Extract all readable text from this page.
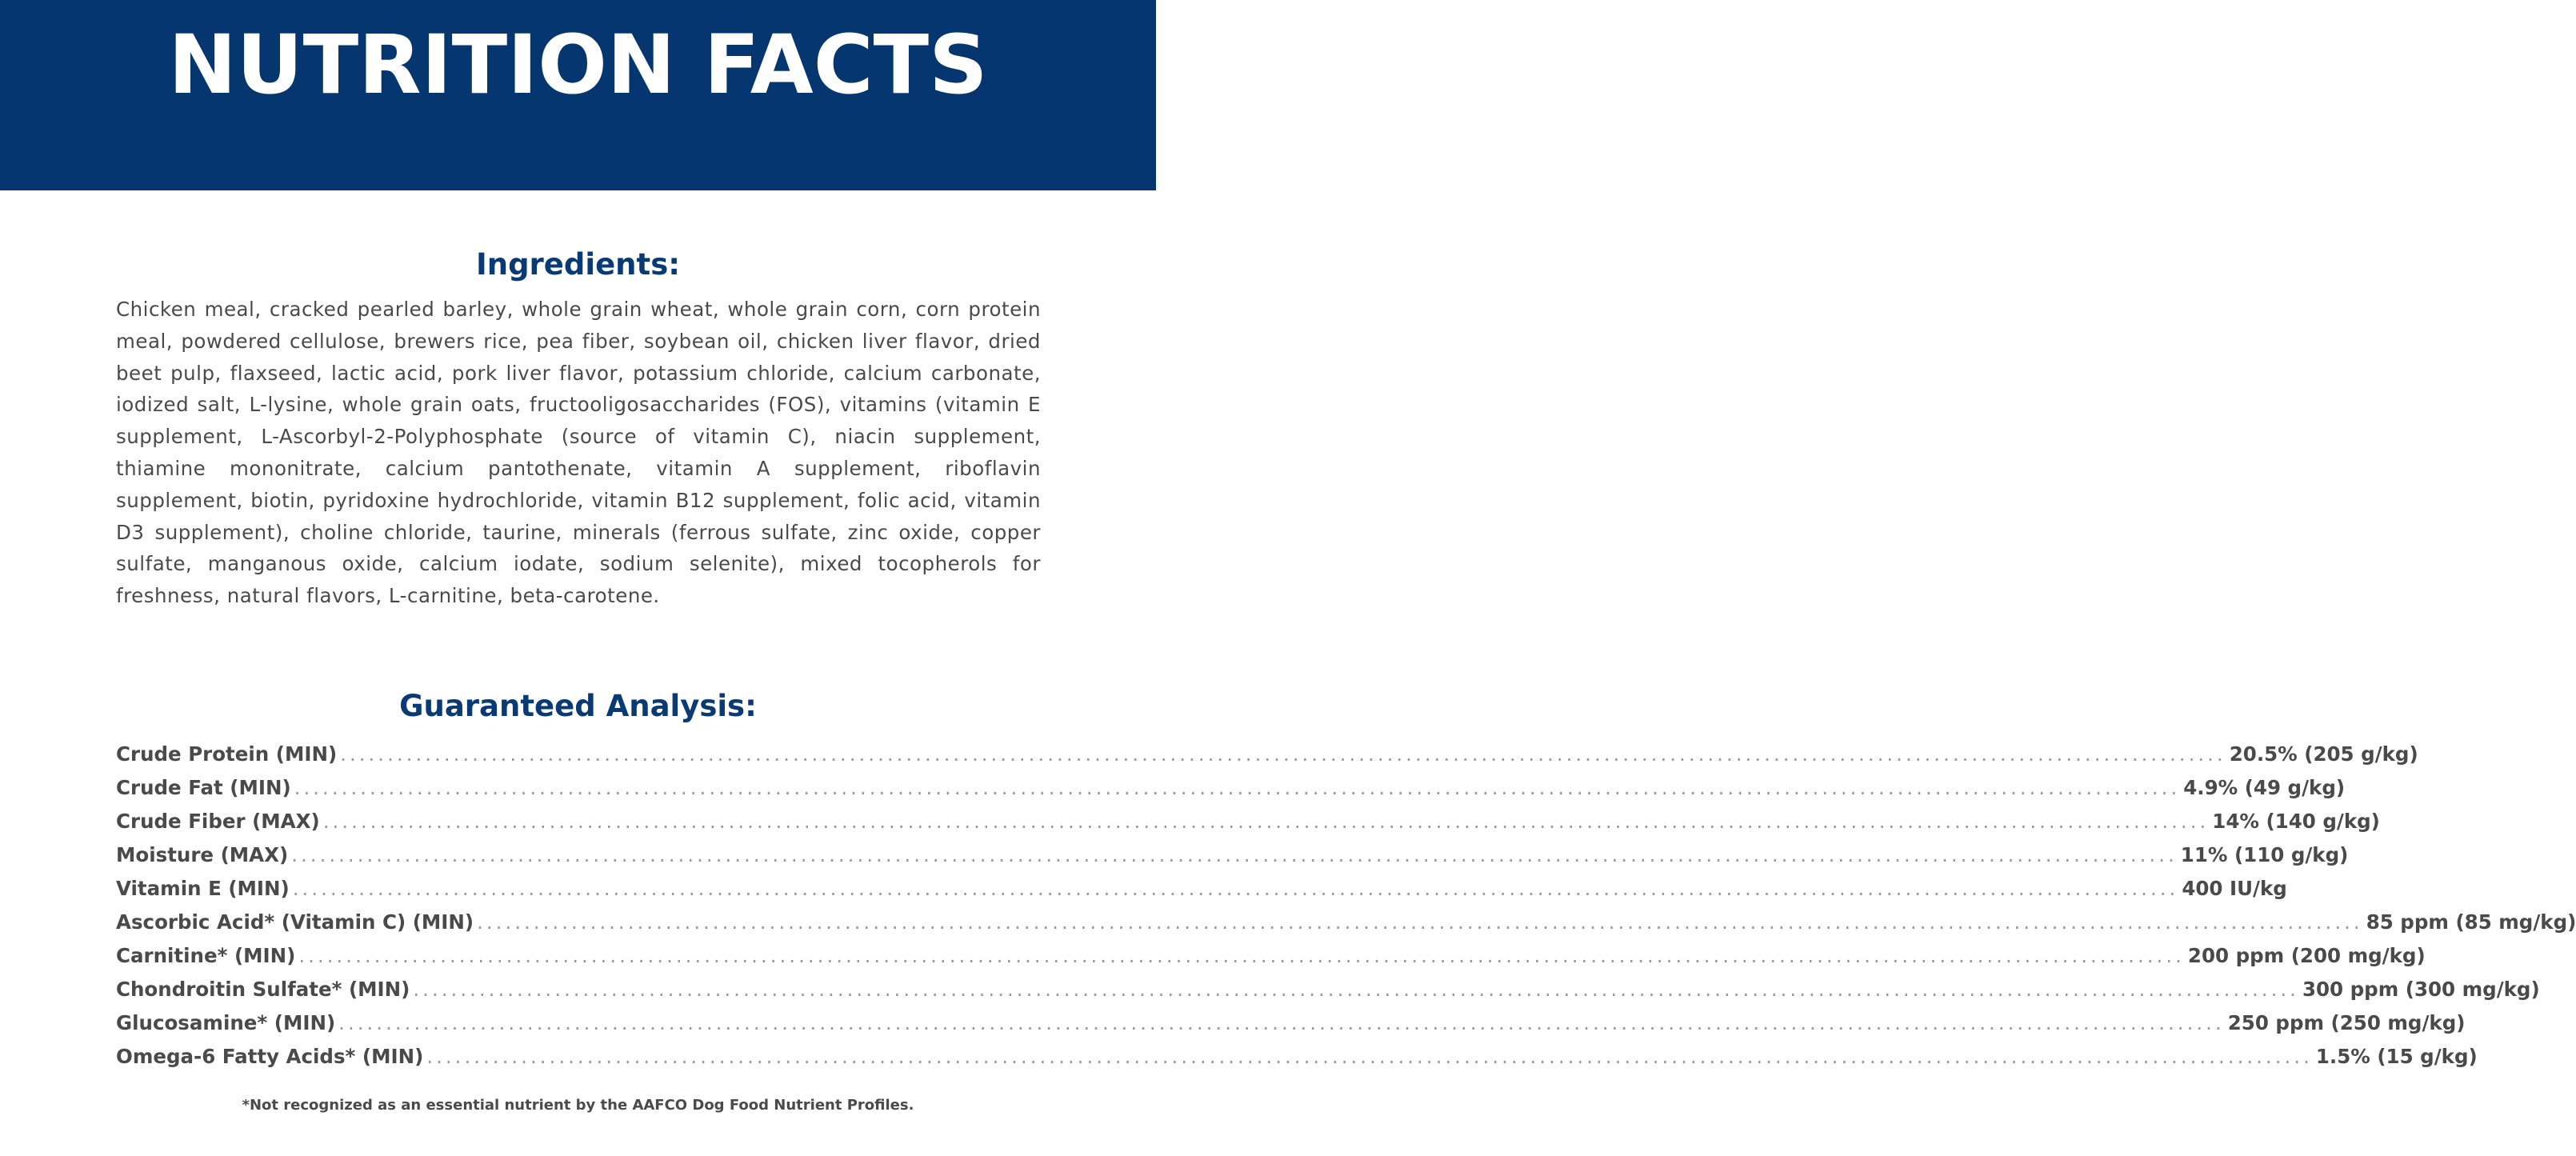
NUTRITION FACTS
Ingredients:

Chicken meal, cracked pearled barley, whole grain wheat, whole grain corn, corn protein meal, powdered cellulose, brewers rice, pea fiber, soybean oil, chicken liver flavor, dried beet pulp, flaxseed, lactic acid, pork liver flavor, potassium chloride, calcium carbonate, iodized salt, L-lysine, whole grain oats, fructooligosaccharides (FOS), vitamins (vitamin E supplement, L-Ascorbyl-2-Polyphosphate (source of vitamin C), niacin supplement, thiamine mononitrate, calcium pantothenate, vitamin A supplement, riboflavin supplement, biotin, pyridoxine hydrochloride, vitamin B12 supplement, folic acid, vitamin D3 supplement), choline chloride, taurine, minerals (ferrous sulfate, zinc oxide, copper sulfate, manganous oxide, calcium iodate, sodium selenite), mixed tocopherols for freshness, natural flavors, L-carnitine, beta-carotene.

Guaranteed Analysis:
Crude Protein (MIN) ........................................................................................................................................................................................................ 20.5% (205 g/kg)
Crude Fat (MIN) ........................................................................................................................................................................................................ 4.9% (49 g/kg)
Crude Fiber (MAX) ........................................................................................................................................................................................................ 14% (140 g/kg)
Moisture (MAX) ........................................................................................................................................................................................................ 11% (110 g/kg)
Vitamin E (MIN) ........................................................................................................................................................................................................ 400 IU/kg
Ascorbic Acid* (Vitamin C) (MIN) ........................................................................................................................................................................................................ 85 ppm (85 mg/kg)
Carnitine* (MIN) ........................................................................................................................................................................................................ 200 ppm (200 mg/kg)
Chondroitin Sulfate* (MIN) ........................................................................................................................................................................................................ 300 ppm (300 mg/kg)
Glucosamine* (MIN) ........................................................................................................................................................................................................ 250 ppm (250 mg/kg)
Omega-6 Fatty Acids* (MIN) ........................................................................................................................................................................................................ 1.5% (15 g/kg)

*Not recognized as an essential nutrient by the AAFCO Dog Food Nutrient Profiles.
